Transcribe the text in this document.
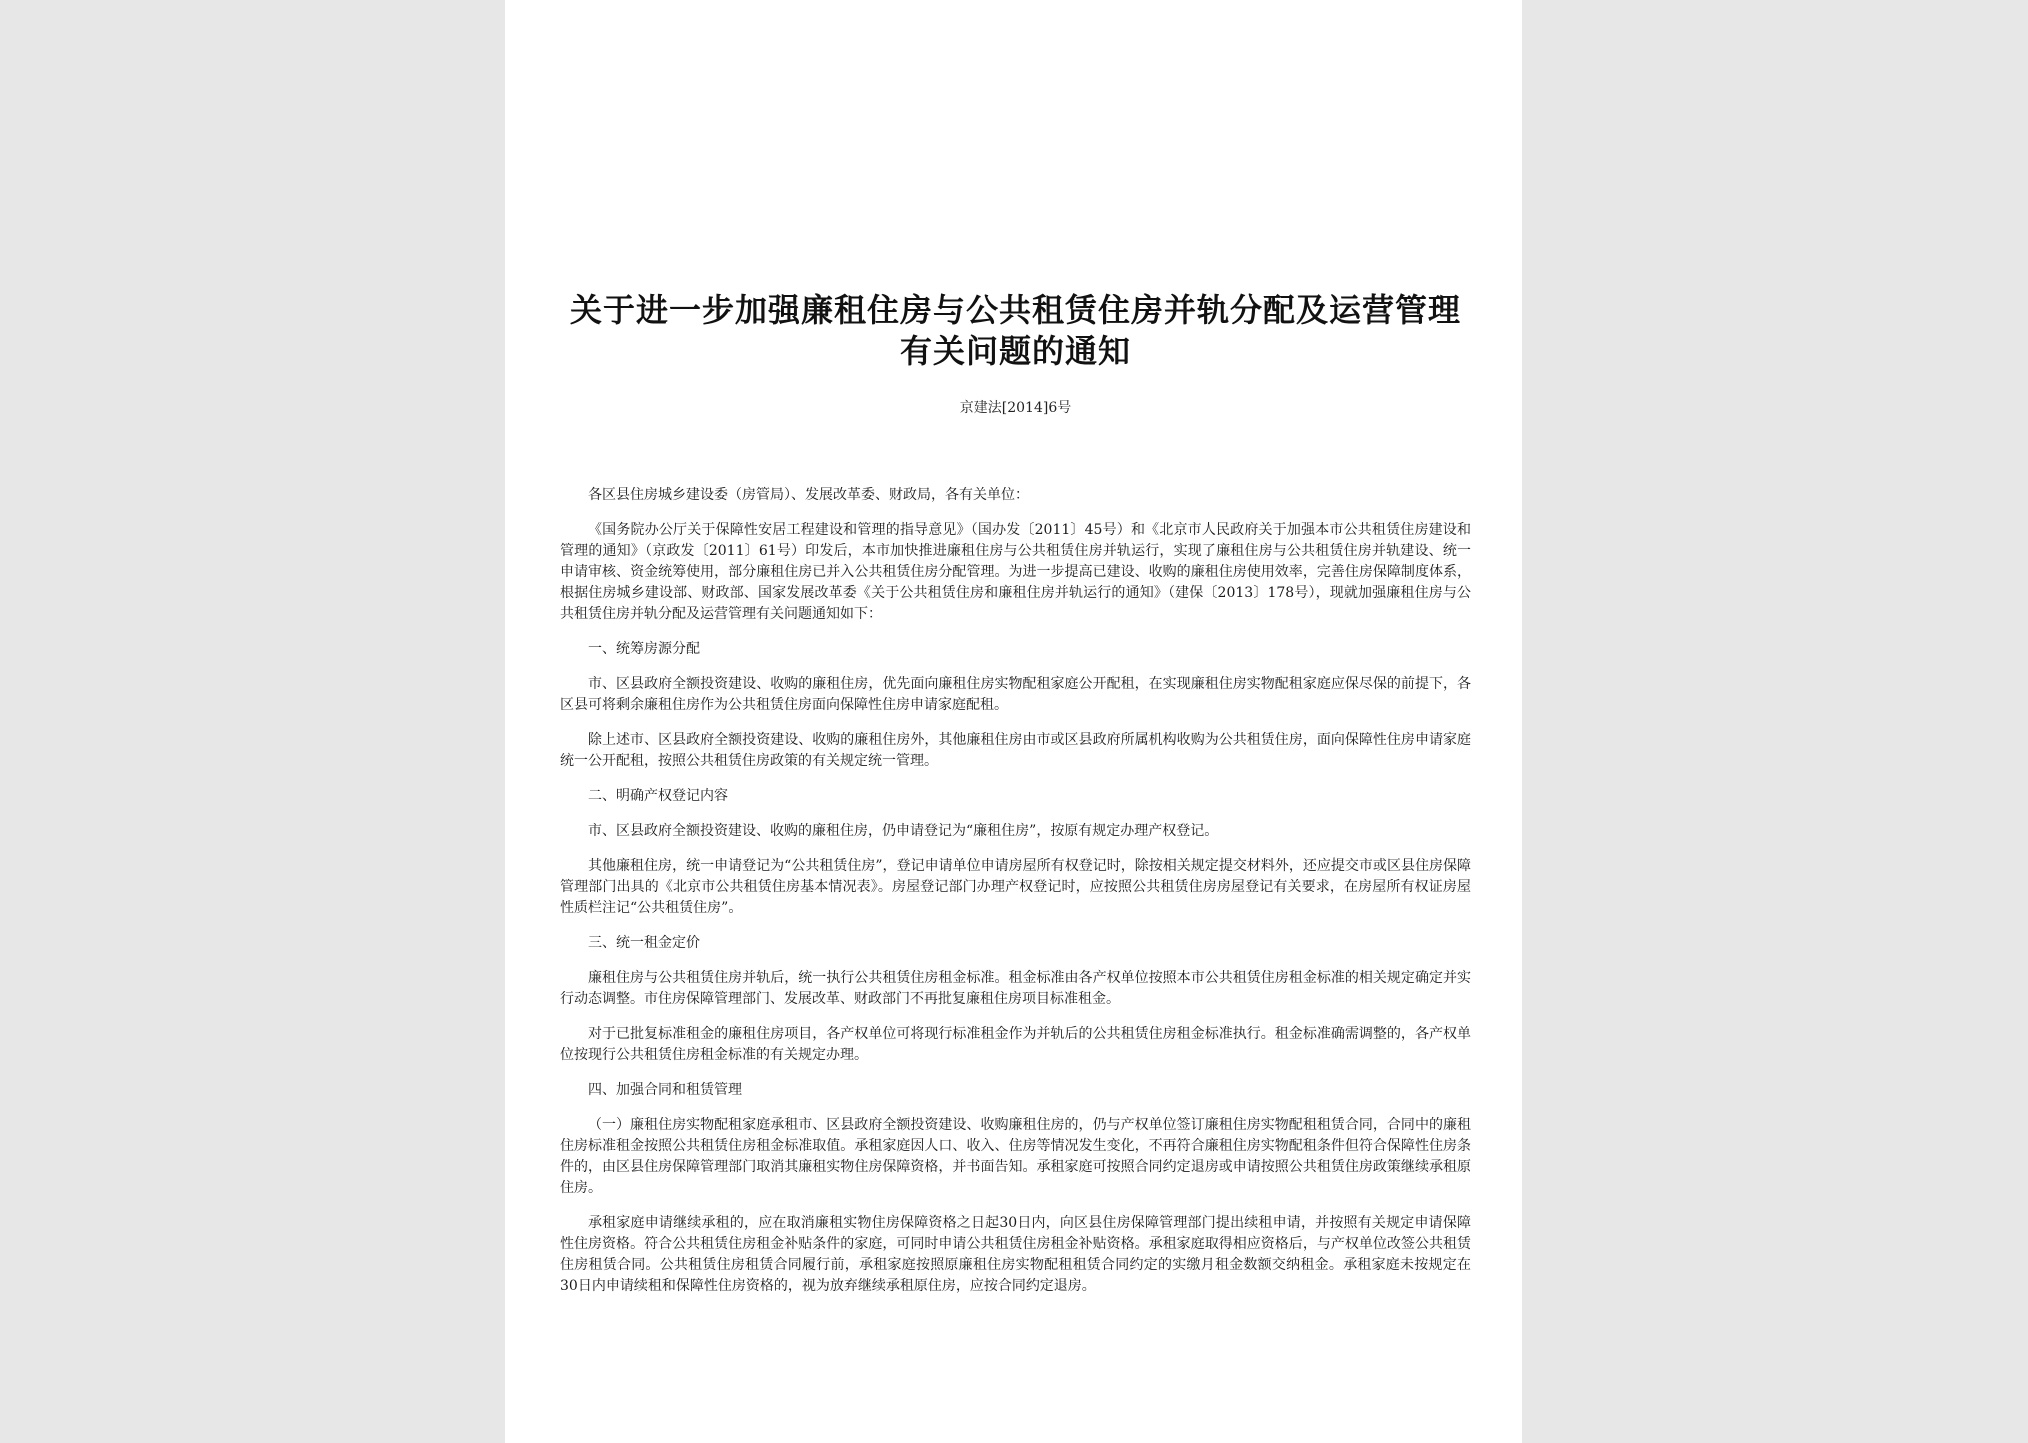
关于进一步加强廉租住房与公共租赁住房并轨分配及运营管理有关问题的通知
京建法[2014]6号

各区县住房城乡建设委（房管局）、发展改革委、财政局，各有关单位：

《国务院办公厅关于保障性安居工程建设和管理的指导意见》（国办发〔2011〕45号）和《北京市人民政府关于加强本市公共租赁住房建设和管理的通知》（京政发〔2011〕61号）印发后，本市加快推进廉租住房与公共租赁住房并轨运行，实现了廉租住房与公共租赁住房并轨建设、统一申请审核、资金统筹使用，部分廉租住房已并入公共租赁住房分配管理。为进一步提高已建设、收购的廉租住房使用效率，完善住房保障制度体系，根据住房城乡建设部、财政部、国家发展改革委《关于公共租赁住房和廉租住房并轨运行的通知》（建保〔2013〕178号），现就加强廉租住房与公共租赁住房并轨分配及运营管理有关问题通知如下：

一、统筹房源分配

市、区县政府全额投资建设、收购的廉租住房，优先面向廉租住房实物配租家庭公开配租，在实现廉租住房实物配租家庭应保尽保的前提下，各区县可将剩余廉租住房作为公共租赁住房面向保障性住房申请家庭配租。

除上述市、区县政府全额投资建设、收购的廉租住房外，其他廉租住房由市或区县政府所属机构收购为公共租赁住房，面向保障性住房申请家庭统一公开配租，按照公共租赁住房政策的有关规定统一管理。

二、明确产权登记内容

市、区县政府全额投资建设、收购的廉租住房，仍申请登记为“廉租住房”，按原有规定办理产权登记。

其他廉租住房，统一申请登记为“公共租赁住房”，登记申请单位申请房屋所有权登记时，除按相关规定提交材料外，还应提交市或区县住房保障管理部门出具的《北京市公共租赁住房基本情况表》。房屋登记部门办理产权登记时，应按照公共租赁住房房屋登记有关要求，在房屋所有权证房屋性质栏注记“公共租赁住房”。

三、统一租金定价

廉租住房与公共租赁住房并轨后，统一执行公共租赁住房租金标准。租金标准由各产权单位按照本市公共租赁住房租金标准的相关规定确定并实行动态调整。市住房保障管理部门、发展改革、财政部门不再批复廉租住房项目标准租金。

对于已批复标准租金的廉租住房项目，各产权单位可将现行标准租金作为并轨后的公共租赁住房租金标准执行。租金标准确需调整的，各产权单位按现行公共租赁住房租金标准的有关规定办理。

四、加强合同和租赁管理

（一）廉租住房实物配租家庭承租市、区县政府全额投资建设、收购廉租住房的，仍与产权单位签订廉租住房实物配租租赁合同，合同中的廉租住房标准租金按照公共租赁住房租金标准取值。承租家庭因人口、收入、住房等情况发生变化，不再符合廉租住房实物配租条件但符合保障性住房条件的，由区县住房保障管理部门取消其廉租实物住房保障资格，并书面告知。承租家庭可按照合同约定退房或申请按照公共租赁住房政策继续承租原住房。

承租家庭申请继续承租的，应在取消廉租实物住房保障资格之日起30日内，向区县住房保障管理部门提出续租申请，并按照有关规定申请保障性住房资格。符合公共租赁住房租金补贴条件的家庭，可同时申请公共租赁住房租金补贴资格。承租家庭取得相应资格后，与产权单位改签公共租赁住房租赁合同。公共租赁住房租赁合同履行前，承租家庭按照原廉租住房实物配租租赁合同约定的实缴月租金数额交纳租金。承租家庭未按规定在30日内申请续租和保障性住房资格的，视为放弃继续承租原住房，应按合同约定退房。
